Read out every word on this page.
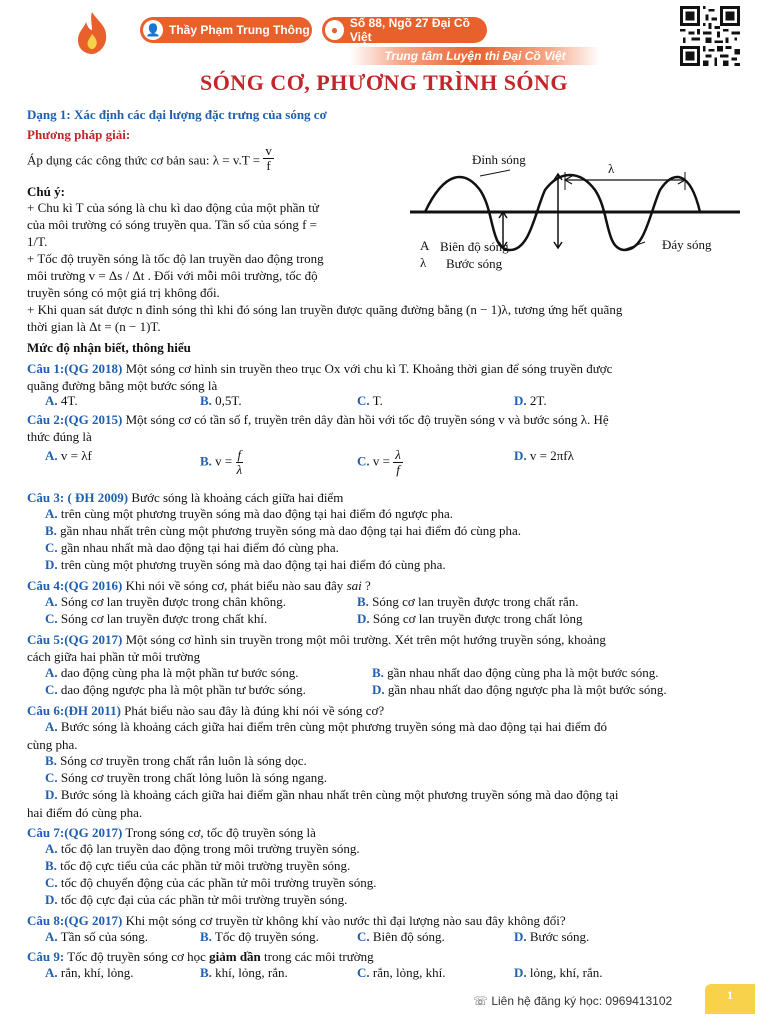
👤 Thầy Phạm Trung Thông	● Số 88, Ngõ 27 Đại Cồ Việt
Trung tâm Luyện thi Đại Cồ Việt
SÓNG CƠ, PHƯƠNG TRÌNH SÓNG
Dạng 1: Xác định các đại lượng đặc trưng của sóng cơ
Phương pháp giải:
Áp dụng các công thức cơ bản sau: $\lambda = v.T = \frac{v}{f}$
Chú ý:
+ Chu kì T của sóng là chu kì dao động của một phần tử
của môi trường có sóng truyền qua. Tần số của sóng f =
1/T.
+ Tốc độ truyền sóng là tốc độ lan truyền dao động trong
môi trường v = Δs / Δt . Đối với mỗi môi trường, tốc độ
truyền sóng có một giá trị không đổi.
+ Khi quan sát được n đỉnh sóng thì khi đó sóng lan truyền được quãng đường bằng (n − 1)λ, tương ứng hết quãng
thời gian là Δt = (n − 1)T.
Đỉnh sóng
λ
A Biên độ sóng
λ Bước sóng
Đáy sóng
Mức độ nhận biết, thông hiểu
Câu 1:(QG 2018) Một sóng cơ hình sin truyền theo trục Ox với chu kì T. Khoảng thời gian để sóng truyền được
quãng đường bằng một bước sóng là
A. 4T.	B. 0,5T.	C. T.	D. 2T.
Câu 2:(QG 2015) Một sóng cơ có tần số f, truyền trên dây đàn hồi với tốc độ truyền sóng v và bước sóng λ. Hệ
thức đúng là
A. v = λf	B. $v = \frac{f}{\lambda}$	C. $v = \frac{\lambda}{f}$	D. v = 2πfλ
Câu 3: ( ĐH 2009) Bước sóng là khoảng cách giữa hai điểm
A. trên cùng một phương truyền sóng mà dao động tại hai điểm đó ngược pha.
B. gần nhau nhất trên cùng một phương truyền sóng mà dao động tại hai điểm đó cùng pha.
C. gần nhau nhất mà dao động tại hai điểm đó cùng pha.
D. trên cùng một phương truyền sóng mà dao động tại hai điểm đó cùng pha.
Câu 4:(QG 2016) Khi nói về sóng cơ, phát biểu nào sau đây sai ?
A. Sóng cơ lan truyền được trong chân không.	B. Sóng cơ lan truyền được trong chất rắn.
C. Sóng cơ lan truyền được trong chất khí.	D. Sóng cơ lan truyền được trong chất lỏng
Câu 5:(QG 2017) Một sóng cơ hình sin truyền trong một môi trường. Xét trên một hướng truyền sóng, khoảng
cách giữa hai phần tử môi trường
A. dao động cùng pha là một phần tư bước sóng.	B. gần nhau nhất dao động cùng pha là một bước sóng.
C. dao động ngược pha là một phần tư bước sóng.	D. gần nhau nhất dao động ngược pha là một bước sóng.
Câu 6:(ĐH 2011) Phát biểu nào sau đây là đúng khi nói về sóng cơ?
A. Bước sóng là khoảng cách giữa hai điểm trên cùng một phương truyền sóng mà dao động tại hai điểm đó
cùng pha.
B. Sóng cơ truyền trong chất rắn luôn là sóng dọc.
C. Sóng cơ truyền trong chất lỏng luôn là sóng ngang.
D. Bước sóng là khoảng cách giữa hai điểm gần nhau nhất trên cùng một phương truyền sóng mà dao động tại
hai điểm đó cùng pha.
Câu 7:(QG 2017) Trong sóng cơ, tốc độ truyền sóng là
A. tốc độ lan truyền dao động trong môi trường truyền sóng.
B. tốc độ cực tiểu của các phần tử môi trường truyền sóng.
C. tốc độ chuyển động của các phần tử môi trường truyền sóng.
D. tốc độ cực đại của các phần tử môi trường truyền sóng.
Câu 8:(QG 2017) Khi một sóng cơ truyền từ không khí vào nước thì đại lượng nào sau đây không đổi?
A. Tần số của sóng.	B. Tốc độ truyền sóng.	C. Biên độ sóng.	D. Bước sóng.
Câu 9: Tốc độ truyền sóng cơ học giảm dần trong các môi trường
A. rắn, khí, lỏng.	B. khí, lỏng, rắn.	C. rắn, lỏng, khí.	D. lỏng, khí, rắn.
☏ Liên hệ đăng ký học: 0969413102	1
